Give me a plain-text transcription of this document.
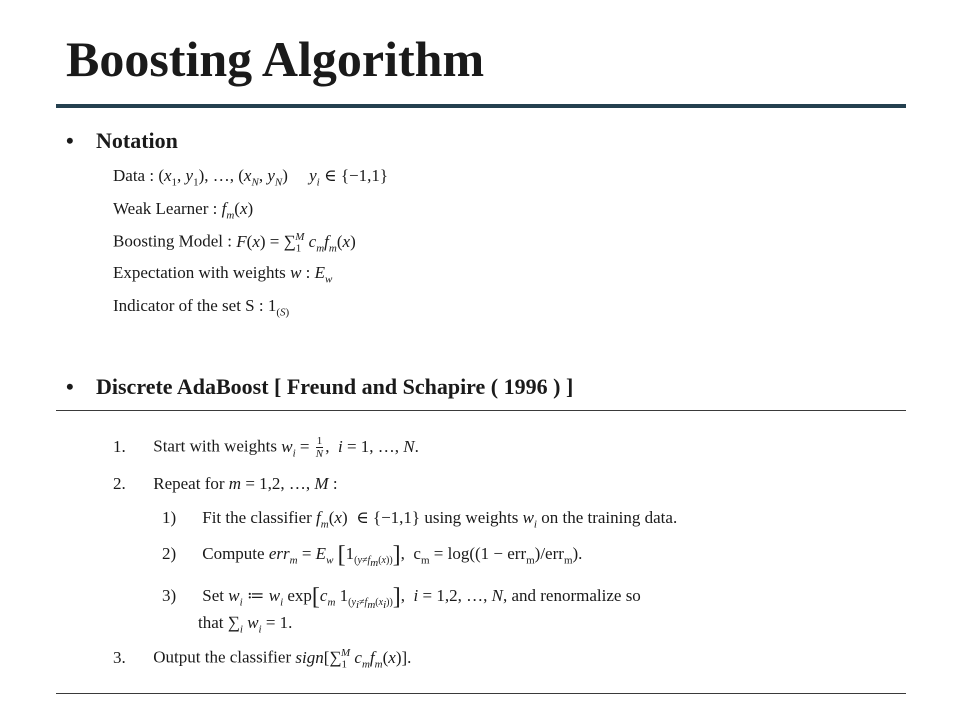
Boosting Algorithm
•	Notation
Data : ($x_1$, $y_1$), …, ($x_N$, $y_N$)     $y_i$ ∈ {−1,1}
Weak Learner : $f_m(x)$
Boosting Model : $F(x) = \sum_1^M$ $c_mf_m(x)$
Expectation with weights w : $E_w$
Indicator of the set S : $1_{(S)}$
•	Discrete AdaBoost [ Freund and Schapire ( 1996 ) ]
1. Start with weights $w_i = \frac{1}{N}$ ,  i = 1, …, N.
2. Repeat for m = 1,2, …, M :
1) Fit the classifier $f_m(x)$  ∈ {−1,1} using weights $w_i$ on the training data.
2) Compute $err_m = E_w$ $[1_{(y\ne f_m(x))}]$,  $c_m = \log((1 - err_m)/err_m)$.
3) Set $w_i$ ≔ $w_i$ $\exp[c_m$ $1_{(y_i\ne f_m(x_i))}$],  i = 1,2, …, N, and renormalize so
that $\sum_i$ $w_i = 1$.
3. Output the classifier $sign[\sum_1^M$ $c_mf_m(x)$].
